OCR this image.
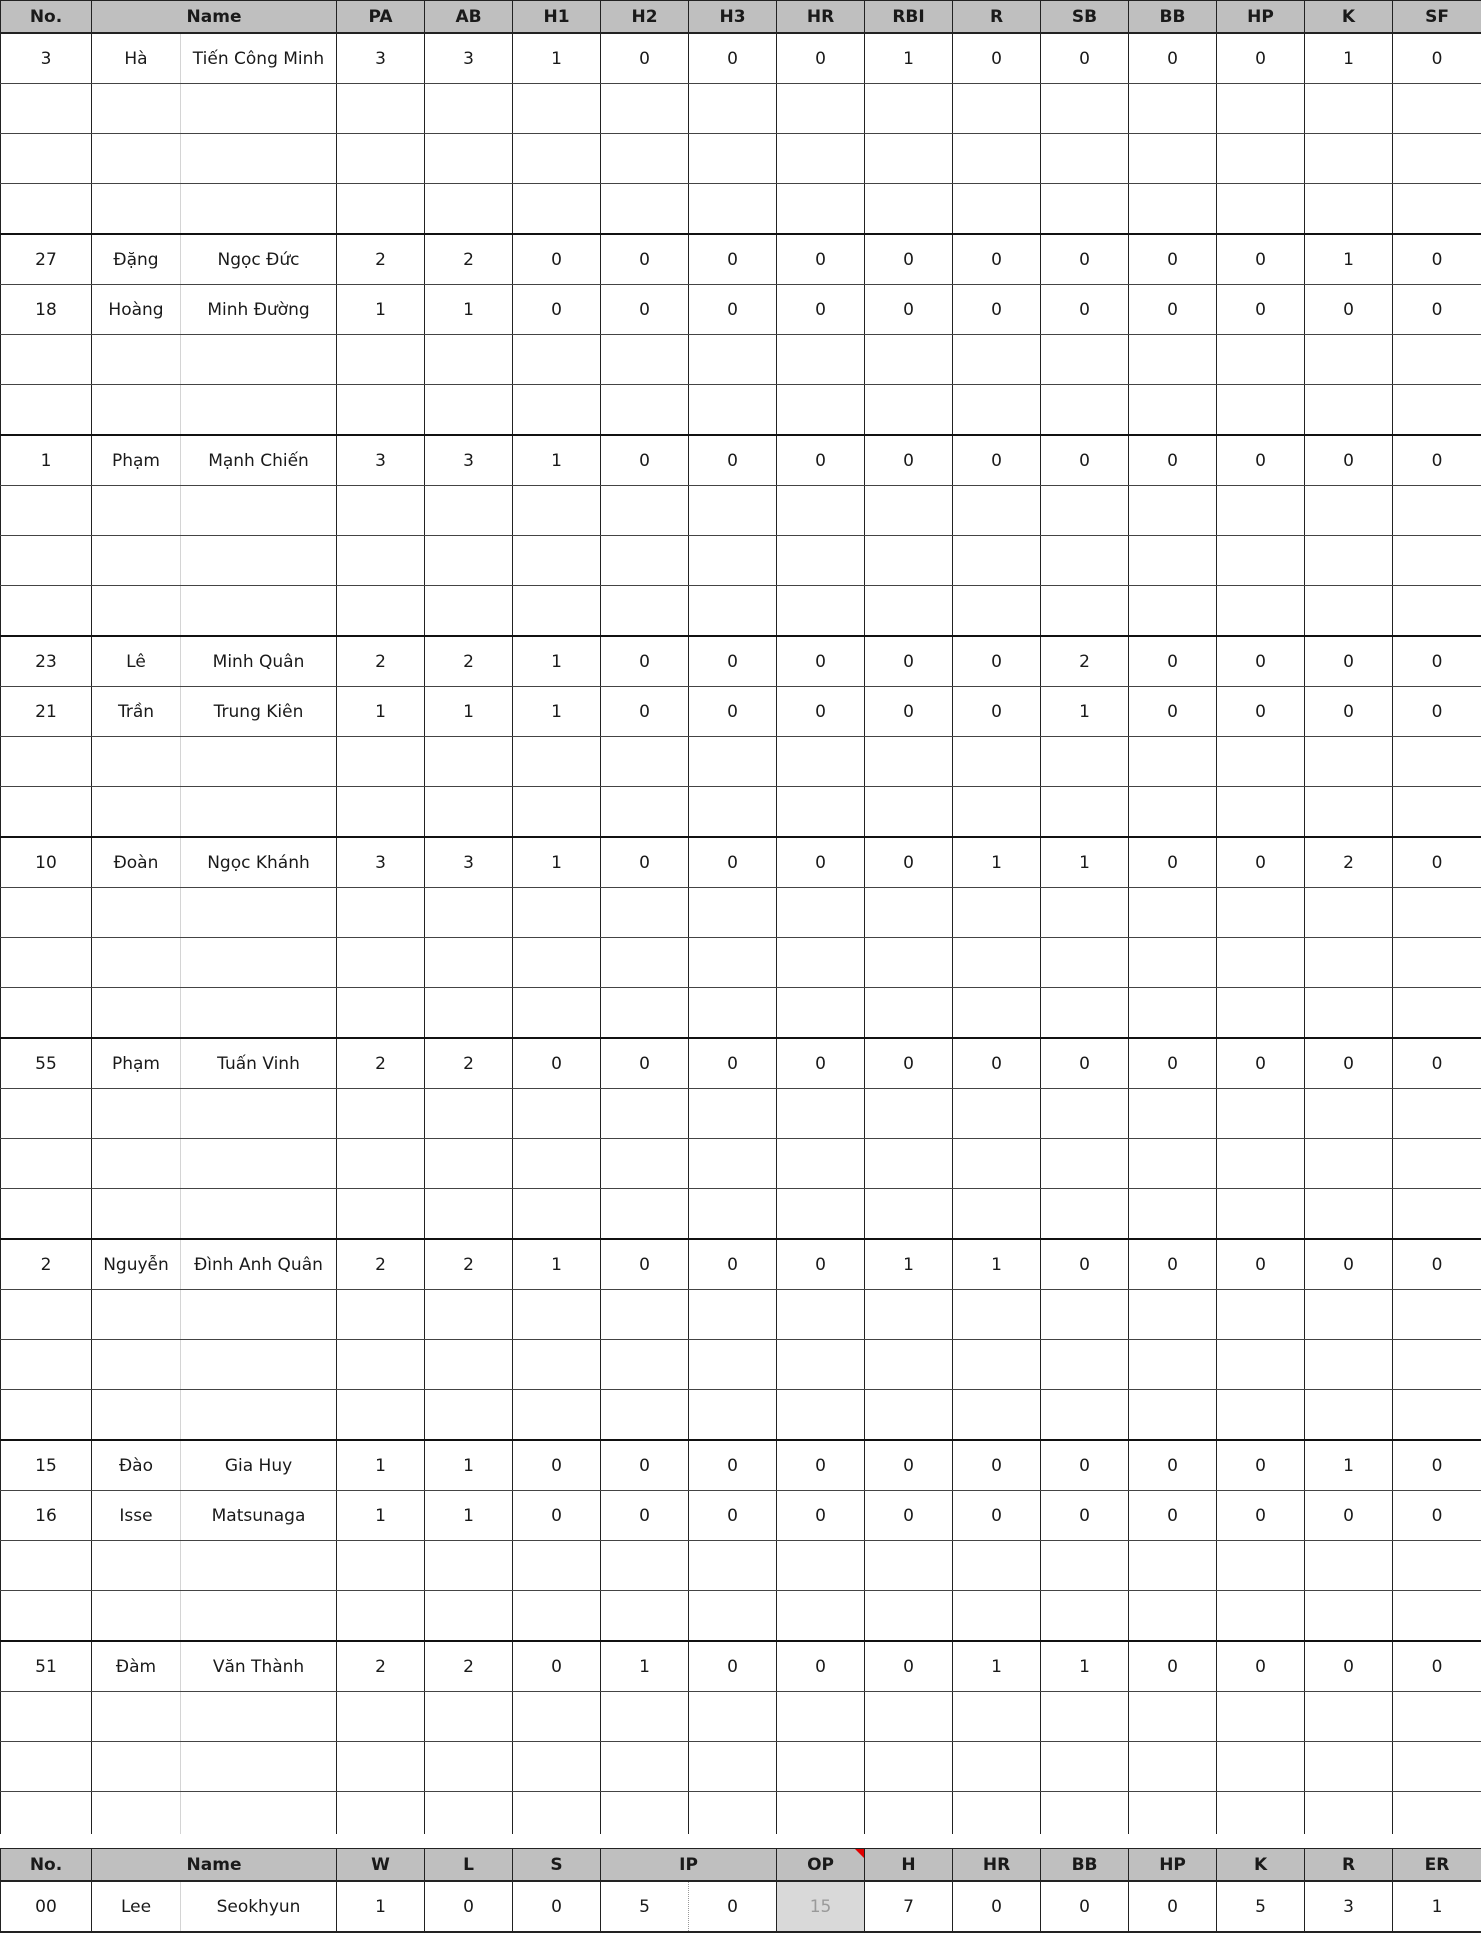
No.	Name		PA	AB	H1	H2	H3	HR	RBI	R	SB	BB	HP	K	SF
3	Hà	Tiến Công Minh	3	3	1	0	0	0	1	0	0	0	0	1	0

27	Đặng	Ngọc Đức	2	2	0	0	0	0	0	0	0	0	0	1	0
18	Hoàng	Minh Đường	1	1	0	0	0	0	0	0	0	0	0	0	0

1	Phạm	Mạnh Chiến	3	3	1	0	0	0	0	0	0	0	0	0	0

23	Lê	Minh Quân	2	2	1	0	0	0	0	0	2	0	0	0	0
21	Trần	Trung Kiên	1	1	1	0	0	0	0	0	1	0	0	0	0

10	Đoàn	Ngọc Khánh	3	3	1	0	0	0	0	1	1	0	0	2	0

55	Phạm	Tuấn Vinh	2	2	0	0	0	0	0	0	0	0	0	0	0

2	Nguyễn	Đình Anh Quân	2	2	1	0	0	0	1	1	0	0	0	0	0

15	Đào	Gia Huy	1	1	0	0	0	0	0	0	0	0	0	1	0
16	Isse	Matsunaga	1	1	0	0	0	0	0	0	0	0	0	0	0

51	Đàm	Văn Thành	2	2	0	1	0	0	0	1	1	0	0	0	0

No.	Name		W	L	S	IP		OP	H	HR	BB	HP	K	R	ER
00	Lee	Seokhyun	1	0	0	5	0	15	7	0	0	0	5	3	1
